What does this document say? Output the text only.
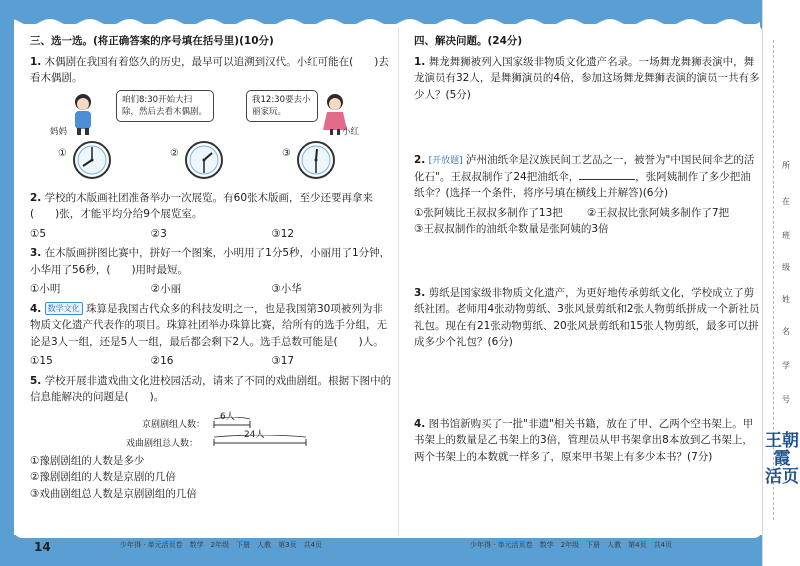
三、选一选。(将正确答案的序号填在括号里)(10分)
1. 木偶剧在我国有着悠久的历史，最早可以追溯到汉代。小红可能在(　　)去看木偶剧。
妈妈
咱们8:30开始大扫除，然后去看木偶剧。
我12:30要去小丽家玩。
小红
①	②	③
2. 学校的木版画社团准备举办一次展览。有60张木版画，至少还要再拿来(　　)张，才能平均分给9个展览室。
①5	②3	③12
3. 在木版画拼图比赛中，拼好一个图案，小明用了1分5秒，小丽用了1分钟，小华用了56秒，(　　)用时最短。
①小明	②小丽	③小华
4. 数学文化 珠算是我国古代众多的科技发明之一，也是我国第30项被列为非物质文化遗产代表作的项目。珠算社团举办珠算比赛，给所有的选手分组，无论是3人一组，还是5人一组，最后都会剩下2人。选手总数可能是(　　)人。
①15	②16	③17
5. 学校开展非遗戏曲文化进校园活动，请来了不同的戏曲剧组。根据下图中的信息能解决的问题是(　　)。
6人
京剧剧组人数：
24人
戏曲剧组总人数：
①豫剧剧组的人数是多少
②豫剧剧组的人数是京剧的几倍
③戏曲剧组总人数是京剧剧组的几倍
四、解决问题。(24分)
1. 舞龙舞狮被列入国家级非物质文化遗产名录。一场舞龙舞狮表演中，舞龙演员有32人，是舞狮演员的4倍，参加这场舞龙舞狮表演的演员一共有多少人？(5分)
2. [开放题] 泸州油纸伞是汉族民间工艺品之一，被誉为"中国民间伞艺的活化石"。王叔叔制作了24把油纸伞，	，张阿姨制作了多少把油纸伞？(选择一个条件，将序号填在横线上并解答)(6分)
①张阿姨比王叔叔多制作了13把	②王叔叔比张阿姨多制作了7把
③王叔叔制作的油纸伞数量是张阿姨的3倍
3. 剪纸是国家级非物质文化遗产，为更好地传承剪纸文化，学校成立了剪纸社团。老师用4张动物剪纸、3张风景剪纸和2张人物剪纸拼成一个新社员礼包。现在有21张动物剪纸、20张风景剪纸和15张人物剪纸，最多可以拼成多少个礼包？(6分)
4. 图书馆新购买了一批"非遗"相关书籍，放在了甲、乙两个空书架上。甲书架上的数量是乙书架上的3倍，管理员从甲书架拿出8本放到乙书架上，两个书架上的本数就一样多了，原来甲书架上有多少本书？(7分)
所
在
班
级
姓
名
学
号
王朝霞 活页
14	少年得 · 单元活页卷　数学　2年级　下册　人教　第3页　共4页	少年得 · 单元活页卷　数学　2年级　下册　人教　第4页　共4页
